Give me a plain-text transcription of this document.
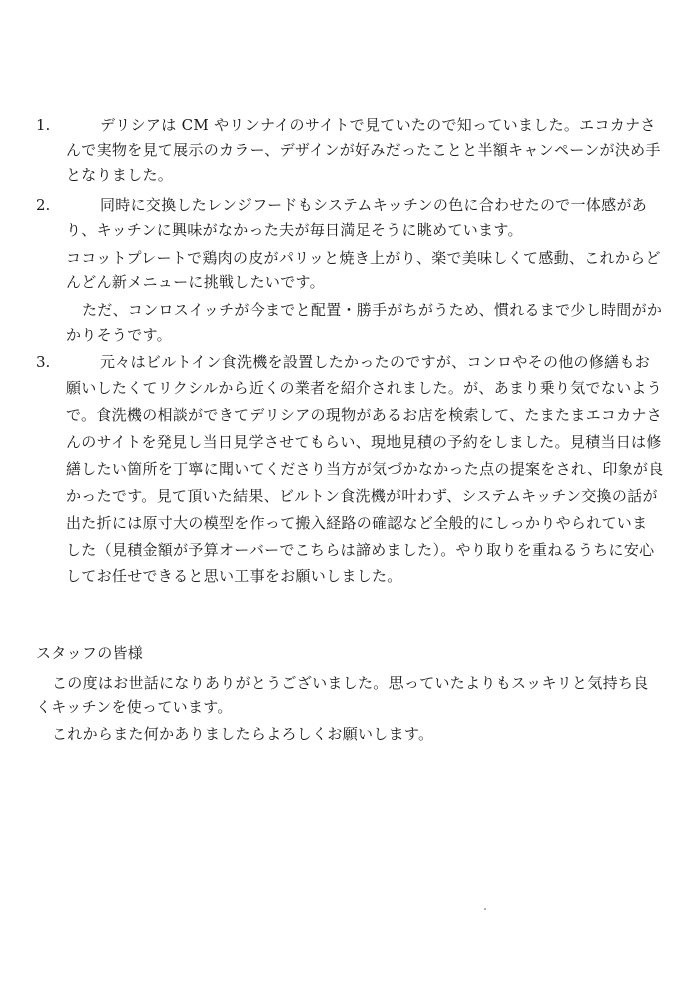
1.	デリシアは CM やリンナイのサイトで見ていたので知っていました。エコカナさ
んで実物を見て展示のカラー、デザインが好みだったことと半額キャンペーンが決め手
となりました。
2.	同時に交換したレンジフードもシステムキッチンの色に合わせたので一体感があ
り、キッチンに興味がなかった夫が毎日満足そうに眺めています。
ココットプレートで鶏肉の皮がパリッと焼き上がり、楽で美味しくて感動、これからど
んどん新メニューに挑戦したいです。
ただ、コンロスイッチが今までと配置・勝手がちがうため、慣れるまで少し時間がか
かりそうです。
3.	元々はビルトイン食洗機を設置したかったのですが、コンロやその他の修繕もお
願いしたくてリクシルから近くの業者を紹介されました。が、あまり乗り気でないよう
で。食洗機の相談ができてデリシアの現物があるお店を検索して、たまたまエコカナさ
んのサイトを発見し当日見学させてもらい、現地見積の予約をしました。見積当日は修
繕したい箇所を丁寧に聞いてくださり当方が気づかなかった点の提案をされ、印象が良
かったです。見て頂いた結果、ビルトン食洗機が叶わず、システムキッチン交換の話が
出た折には原寸大の模型を作って搬入経路の確認など全般的にしっかりやられていま
した（見積金額が予算オーバーでこちらは諦めました）。やり取りを重ねるうちに安心
してお任せできると思い工事をお願いしました。
スタッフの皆様
この度はお世話になりありがとうございました。思っていたよりもスッキリと気持ち良
くキッチンを使っています。
これからまた何かありましたらよろしくお願いします。
